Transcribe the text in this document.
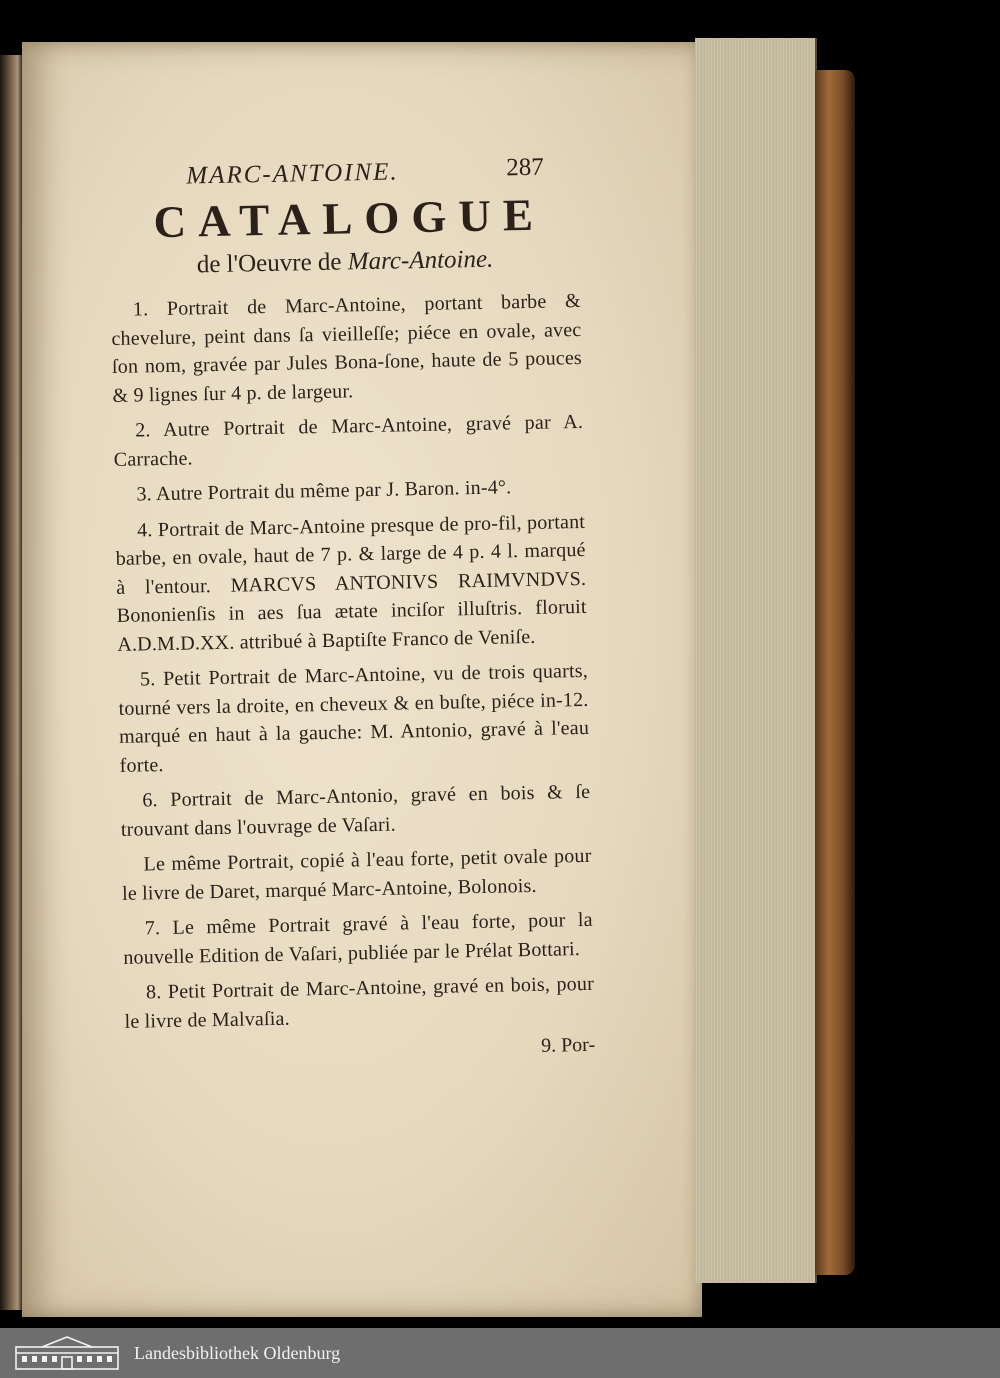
MARC-ANTOINE.	287
CATALOGUE

de l'Oeuvre de Marc-Antoine.

1. Portrait de Marc-Antoine, portant barbe & chevelure, peint dans ſa vieilleſſe; piéce en ovale, avec ſon nom, gravée par Jules Bona-ſone, haute de 5 pouces & 9 lignes ſur 4 p. de largeur.

2. Autre Portrait de Marc-Antoine, gravé par A. Carrache.

3. Autre Portrait du même par J. Baron. in-4°.

4. Portrait de Marc-Antoine presque de pro-fil, portant barbe, en ovale, haut de 7 p. & large de 4 p. 4 l. marqué à l'entour. MARCVS ANTONIVS RAIMVNDVS. Bononienſis in aes ſua ætate inciſor illuſtris. floruit A.D.M.D.XX. attribué à Baptiſte Franco de Veniſe.

5. Petit Portrait de Marc-Antoine, vu de trois quarts, tourné vers la droite, en cheveux & en buſte, piéce in-12. marqué en haut à la gauche: M. Antonio, gravé à l'eau forte.

6. Portrait de Marc-Antonio, gravé en bois & ſe trouvant dans l'ouvrage de Vaſari.

Le même Portrait, copié à l'eau forte, petit ovale pour le livre de Daret, marqué Marc-Antoine, Bolonois.

7. Le même Portrait gravé à l'eau forte, pour la nouvelle Edition de Vaſari, publiée par le Prélat Bottari.

8. Petit Portrait de Marc-Antoine, gravé en bois, pour le livre de Malvaſia.

9. Por-
Landesbibliothek Oldenburg
